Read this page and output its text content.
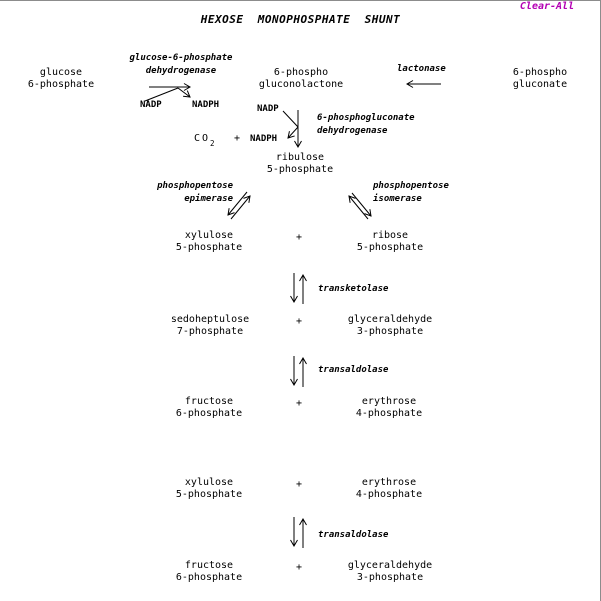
HEXOSE  MONOPHOSPHATE  SHUNT
Clear-All
glucose
6-phosphate
6-phospho
gluconolactone
6-phospho
gluconate
glucose-6-phosphate
dehydrogenase
NADP	NADPH
lactonase
NADP
6-phosphogluconate
dehydrogenase
NADPH
$CO_2$	+
ribulose
5-phosphate
phosphopentose
epimerase
phosphopentose
isomerase
xylulose
5-phosphate
+	ribose
5-phosphate
transketolase
sedoheptulose
7-phosphate
+	glyceraldehyde
3-phosphate
transaldolase
fructose
6-phosphate
+	erythrose
4-phosphate
xylulose
5-phosphate
+	erythrose
4-phosphate
transaldolase
fructose
6-phosphate
+	glyceraldehyde
3-phosphate
